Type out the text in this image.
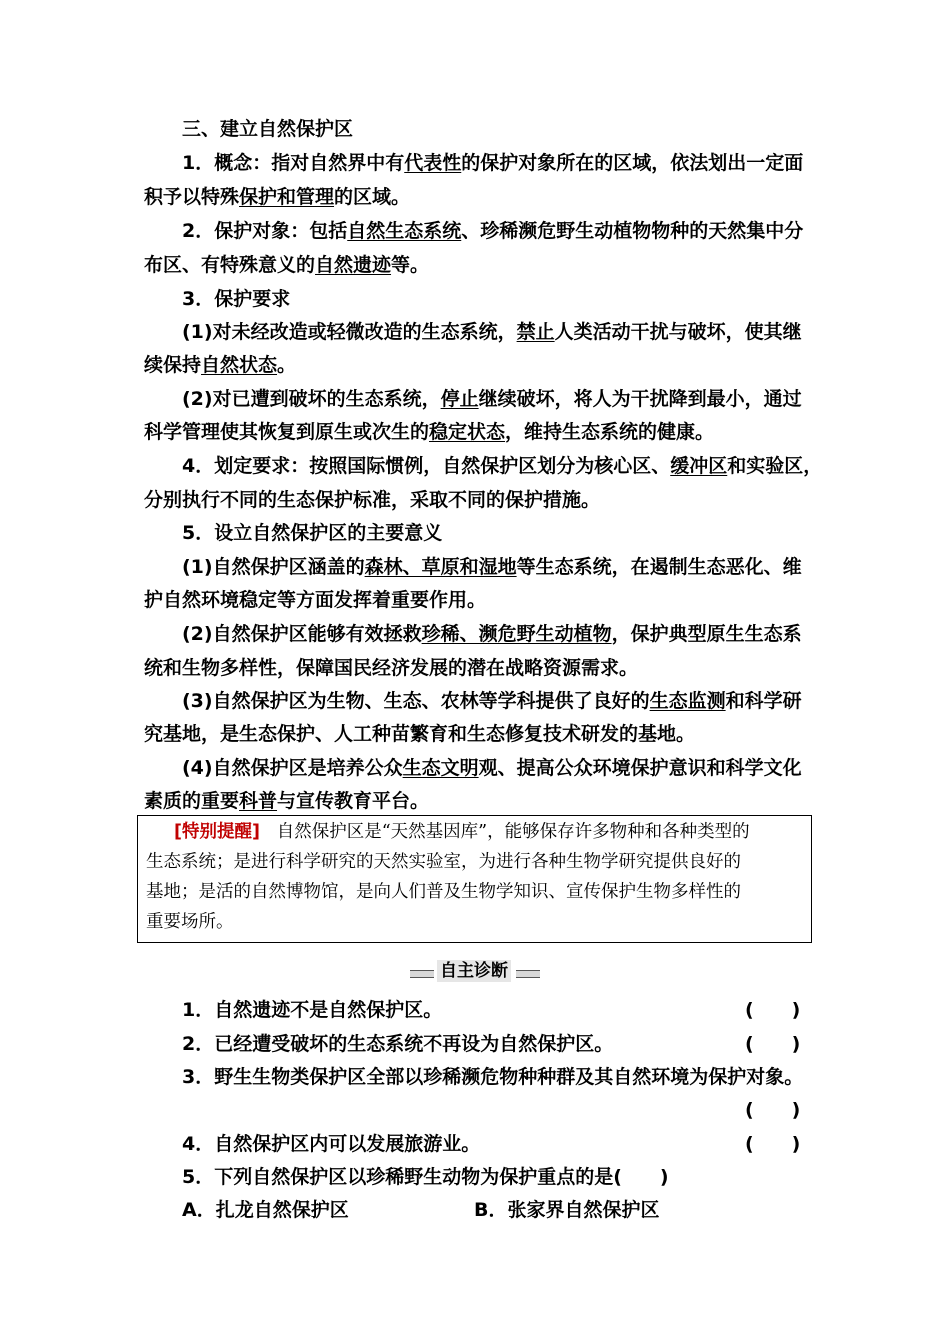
三、建立自然保护区
1．概念：指对自然界中有代表性的保护对象所在的区域，依法划出一定面
积予以特殊保护和管理的区域。
2．保护对象：包括自然生态系统、珍稀濒危野生动植物物种的天然集中分
布区、有特殊意义的自然遗迹等。
3．保护要求
(1)对未经改造或轻微改造的生态系统，禁止人类活动干扰与破坏，使其继
续保持自然状态。
(2)对已遭到破坏的生态系统，停止继续破坏，将人为干扰降到最小，通过
科学管理使其恢复到原生或次生的稳定状态，维持生态系统的健康。
4．划定要求：按照国际惯例，自然保护区划分为核心区、缓冲区和实验区，
分别执行不同的生态保护标准，采取不同的保护措施。
5．设立自然保护区的主要意义
(1)自然保护区涵盖的森林、草原和湿地等生态系统，在遏制生态恶化、维
护自然环境稳定等方面发挥着重要作用。
(2)自然保护区能够有效拯救珍稀、濒危野生动植物，保护典型原生生态系
统和生物多样性，保障国民经济发展的潜在战略资源需求。
(3)自然保护区为生物、生态、农林等学科提供了良好的生态监测和科学研
究基地，是生态保护、人工种苗繁育和生态修复技术研发的基地。
(4)自然保护区是培养公众生态文明观、提高公众环境保护意识和科学文化
素质的重要科普与宣传教育平台。
[特别提醒] 自然保护区是“天然基因库”，能够保存许多物种和各种类型的
生态系统；是进行科学研究的天然实验室，为进行各种生物学研究提供良好的
基地；是活的自然博物馆，是向人们普及生物学知识、宣传保护生物多样性的
重要场所。
自主诊断
1．自然遗迹不是自然保护区。	(　　)
2．已经遭受破坏的生态系统不再设为自然保护区。	(　　)
3．野生生物类保护区全部以珍稀濒危物种种群及其自然环境为保护对象。
(　　)
4．自然保护区内可以发展旅游业。	(　　)
5．下列自然保护区以珍稀野生动物为保护重点的是(　　)
A．扎龙自然保护区	B．张家界自然保护区
